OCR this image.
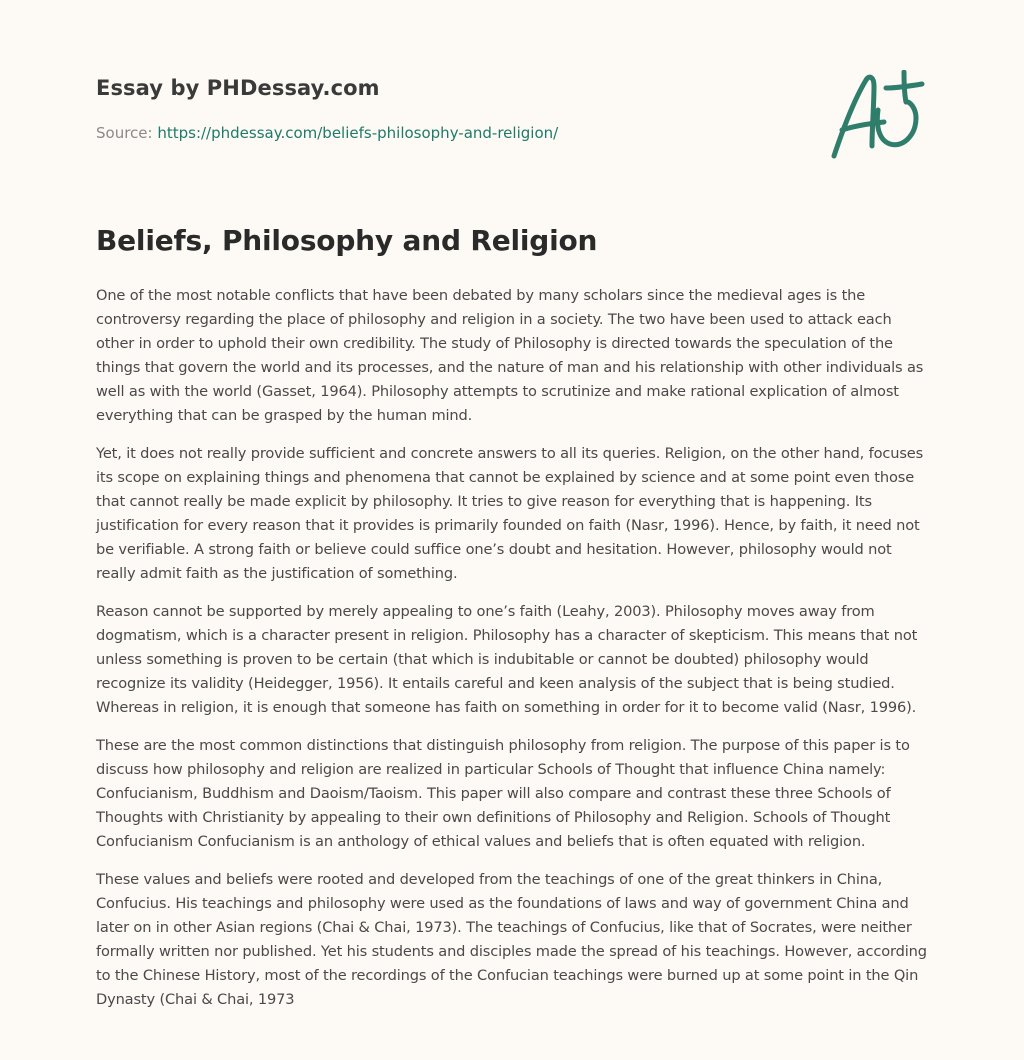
Essay by PHDessay.com
Source: https://phdessay.com/beliefs-philosophy-and-religion/
Beliefs, Philosophy and Religion

One of the most notable conflicts that have been debated by many scholars since the medieval ages is the controversy regarding the place of philosophy and religion in a society. The two have been used to attack each other in order to uphold their own credibility. The study of Philosophy is directed towards the speculation of the things that govern the world and its processes, and the nature of man and his relationship with other individuals as well as with the world (Gasset, 1964). Philosophy attempts to scrutinize and make rational explication of almost everything that can be grasped by the human mind.

Yet, it does not really provide sufficient and concrete answers to all its queries. Religion, on the other hand, focuses its scope on explaining things and phenomena that cannot be explained by science and at some point even those that cannot really be made explicit by philosophy. It tries to give reason for everything that is happening. Its justification for every reason that it provides is primarily founded on faith (Nasr, 1996). Hence, by faith, it need not be verifiable. A strong faith or believe could suffice one’s doubt and hesitation. However, philosophy would not really admit faith as the justification of something.

Reason cannot be supported by merely appealing to one’s faith (Leahy, 2003). Philosophy moves away from dogmatism, which is a character present in religion. Philosophy has a character of skepticism. This means that not unless something is proven to be certain (that which is indubitable or cannot be doubted) philosophy would recognize its validity (Heidegger, 1956). It entails careful and keen analysis of the subject that is being studied. Whereas in religion, it is enough that someone has faith on something in order for it to become valid (Nasr, 1996).

These are the most common distinctions that distinguish philosophy from religion. The purpose of this paper is to discuss how philosophy and religion are realized in particular Schools of Thought that influence China namely: Confucianism, Buddhism and Daoism/Taoism. This paper will also compare and contrast these three Schools of Thoughts with Christianity by appealing to their own definitions of Philosophy and Religion. Schools of Thought Confucianism Confucianism is an anthology of ethical values and beliefs that is often equated with religion.

These values and beliefs were rooted and developed from the teachings of one of the great thinkers in China, Confucius. His teachings and philosophy were used as the foundations of laws and way of government China and later on in other Asian regions (Chai & Chai, 1973). The teachings of Confucius, like that of Socrates, were neither formally written nor published. Yet his students and disciples made the spread of his teachings. However, according to the Chinese History, most of the recordings of the Confucian teachings were burned up at some point in the Qin Dynasty (Chai & Chai, 1973
